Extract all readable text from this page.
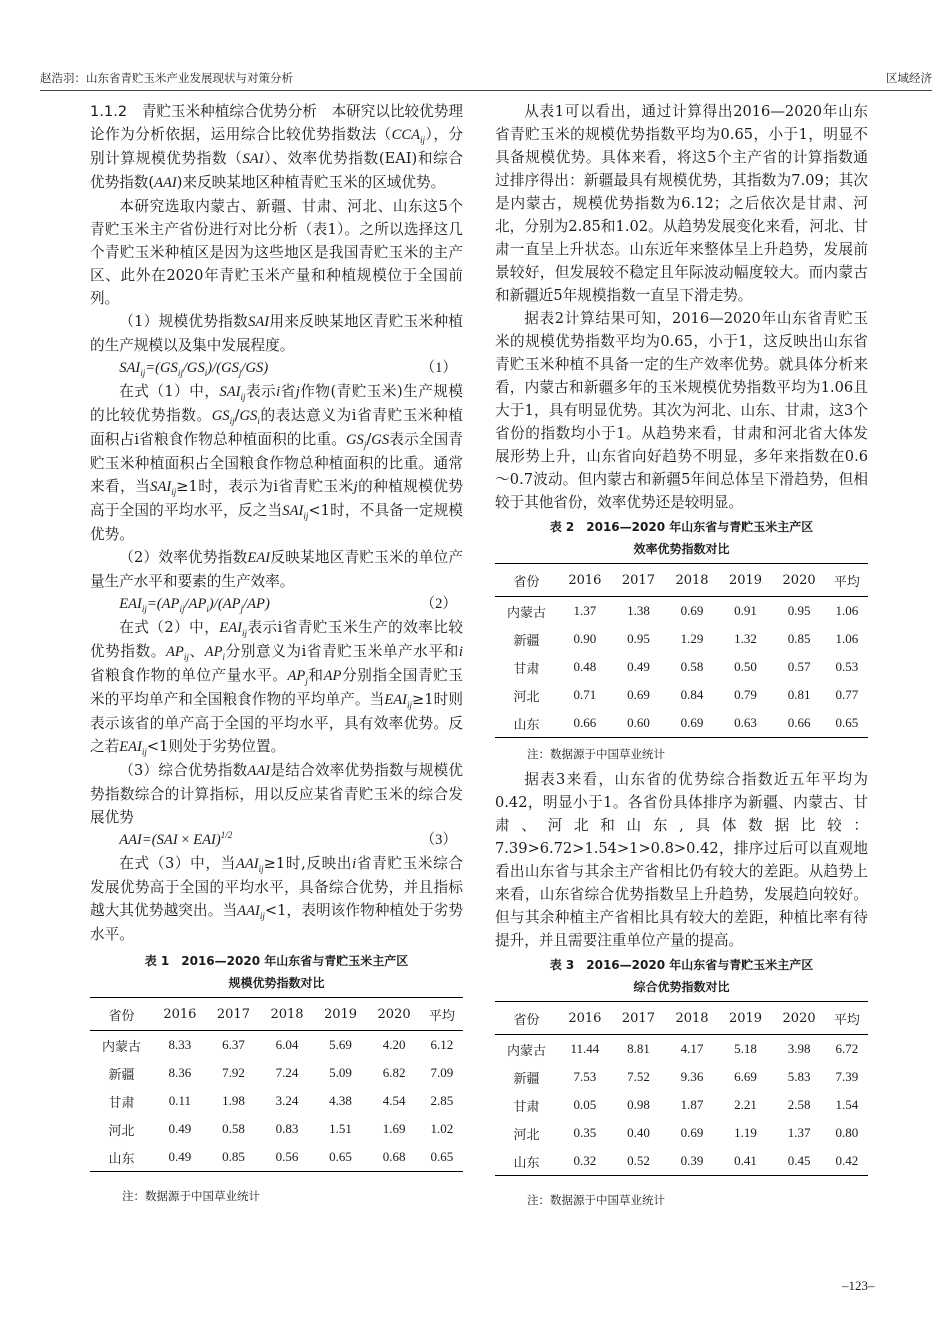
赵浩羽：山东省青贮玉米产业发展现状与对策分析	区域经济

1.1.2　 青贮玉米种植综合优势分析　 本研究以比较优势理论作为分析依据，运用综合比较优势指数法$(CCA_{ij})$，分别计算规模优势指数（SAI）、效率优势指数(EAI)和综合优势指数(AAI)来反映某地区种植青贮玉米的区域优势。

本研究选取内蒙古、新疆、甘肃、河北、山东这5个青贮玉米主产省份进行对比分析（表1）。之所以选择这几个青贮玉米种植区是因为这些地区是我国青贮玉米的主产区、此外在2020年青贮玉米产量和种植规模位于全国前列。

（1）规模优势指数SAI用来反映某地区青贮玉米种植的生产规模以及集中发展程度。

$SAI_{ij}=(GS_{ij}/GS_i)/(GS_j/GS)$	（1）

在式（1）中，$SAI_{ij}$表示i省j作物(青贮玉米)生产规模的比较优势指数。$GS_{ij}/GS_i$的表达意义为i省青贮玉米种植面积占i省粮食作物总种植面积的比重。$GS_j/GS$表示全国青贮玉米种植面积占全国粮食作物总种植面积的比重。通常来看，当$SAI_{ij}\ge 1$时，表示为i省青贮玉米j的种植规模优势高于全国的平均水平，反之当$SAI_{ij}<1$时，不具备一定规模优势。

（2）效率优势指数EAI反映某地区青贮玉米的单位产量生产水平和要素的生产效率。

$EAI_{ij}=(AP_{ij}/AP_i)/(AP_j/AP)$	（2）

在式（2）中，$EAI_{ij}$表示i省青贮玉米生产的效率比较优势指数。$AP_{ij}$、$AP_i$分别意义为i省青贮玉米单产水平和i省粮食作物的单位产量水平。$AP_j$和AP分别指全国青贮玉米的平均单产和全国粮食作物的平均单产。当$EAI_{ij}\ge 1$时则表示该省的单产高于全国的平均水平，具有效率优势。反之若$EAI_{ij}<1$则处于劣势位置。

（3）综合优势指数AAI是结合效率优势指数与规模优势指数综合的计算指标，用以反应某省青贮玉米的综合发展优势

AAI=(SAI × EAI)$^{1/2}$	（3）

在式（3）中，当$AAI_{ij}\ge 1$时,反映出i省青贮玉米综合发展优势高于全国的平均水平，具备综合优势，并且指标越大其优势越突出。当$AAI_{ij}<1$，表明该作物种植处于劣势水平。

表 1　2016—2020 年山东省与青贮玉米主产区
规模优势指数对比
省份	2016	2017	2018	2019	2020	平均
内蒙古	8.33	6.37	6.04	5.69	4.20	6.12
新疆	8.36	7.92	7.24	5.09	6.82	7.09
甘肃	0.11	1.98	3.24	4.38	4.54	2.85
河北	0.49	0.58	0.83	1.51	1.69	1.02
山东	0.49	0.85	0.56	0.65	0.68	0.65
注：数据源于中国草业统计

从表1可以看出，通过计算得出2016—2020年山东省青贮玉米的规模优势指数平均为0.65，小于1，明显不具备规模优势。具体来看，将这5个主产省的计算指数通过排序得出：新疆最具有规模优势，其指数为7.09；其次是内蒙古，规模优势指数为6.12；之后依次是甘肃、河北，分别为2.85和1.02。从趋势发展变化来看，河北、甘肃一直呈上升状态。山东近年来整体呈上升趋势，发展前景较好，但发展较不稳定且年际波动幅度较大。而内蒙古和新疆近5年规模指数一直呈下滑走势。

据表2计算结果可知，2016—2020年山东省青贮玉米的规模优势指数平均为0.65，小于1，这反映出山东省青贮玉米种植不具备一定的生产效率优势。就具体分析来看，内蒙古和新疆多年的玉米规模优势指数平均为1.06且大于1，具有明显优势。其次为河北、山东、甘肃，这3个省份的指数均小于1。从趋势来看，甘肃和河北省大体发展形势上升，山东省向好趋势不明显，多年来指数在0.6～0.7波动。但内蒙古和新疆5年间总体呈下滑趋势，但相较于其他省份，效率优势还是较明显。

表 2　2016—2020 年山东省与青贮玉米主产区
效率优势指数对比
省份	2016	2017	2018	2019	2020	平均
内蒙古	1.37	1.38	0.69	0.91	0.95	1.06
新疆	0.90	0.95	1.29	1.32	0.85	1.06
甘肃	0.48	0.49	0.58	0.50	0.57	0.53
河北	0.71	0.69	0.84	0.79	0.81	0.77
山东	0.66	0.60	0.69	0.63	0.66	0.65
注：数据源于中国草业统计

据表3来看，山东省的优势综合指数近五年平均为0.42，明显小于1。各省份具体排序为新疆、内蒙古、甘肃、河北和山东,具体数据比较：7.39>6.72>1.54>1>0.8>0.42，排序过后可以直观地看出山东省与其余主产省相比仍有较大的差距。从趋势上来看，山东省综合优势指数呈上升趋势，发展趋向较好。但与其余种植主产省相比具有较大的差距，种植比率有待提升，并且需要注重单位产量的提高。

表 3　2016—2020 年山东省与青贮玉米主产区
综合优势指数对比
省份	2016	2017	2018	2019	2020	平均
内蒙古	11.44	8.81	4.17	5.18	3.98	6.72
新疆	7.53	7.52	9.36	6.69	5.83	7.39
甘肃	0.05	0.98	1.87	2.21	2.58	1.54
河北	0.35	0.40	0.69	1.19	1.37	0.80
山东	0.32	0.52	0.39	0.41	0.45	0.42
注：数据源于中国草业统计
–123–
